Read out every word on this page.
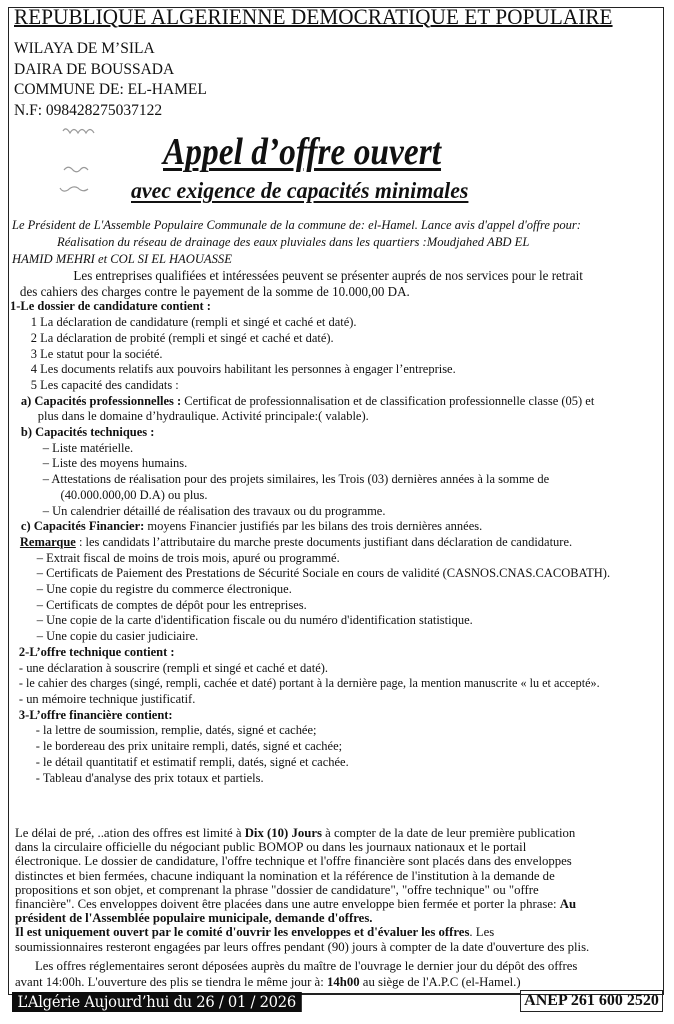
REPUBLIQUE ALGERIENNE DEMOCRATIQUE ET POPULAIRE
WILAYA DE M’SILA
DAIRA DE BOUSSADA
COMMUNE DE: EL-HAMEL
N.F: 098428275037122
Appel d’offre ouvert
avec exigence de capacités minimales
Le Président de L'Assemble Populaire Communale de la commune de: el-Hamel. Lance avis d'appel d'offre pour:
Réalisation du réseau de drainage des eaux pluviales dans les quartiers :Moudjahed ABD EL
HAMID MEHRI et COL SI EL HAOUASSE
Les entreprises qualifiées et intéressées peuvent se présenter auprés de nos services pour le retrait
des cahiers des charges contre le payement de la somme de 10.000,00 DA.
1-Le dossier de candidature contient :
1 La déclaration de candidature (rempli et singé et caché et daté).
2 La déclaration de probité (rempli et singé et caché et daté).
3 Le statut pour la société.
4 Les documents relatifs aux pouvoirs habilitant les personnes à engager l’entreprise.
5 Les capacité des candidats :
a) Capacités professionnelles : Certificat de professionnalisation et de classification professionnelle classe (05) et
plus dans le domaine d’hydraulique. Activité principale:( valable).
b) Capacités techniques :
– Liste matérielle.
– Liste des moyens humains.
– Attestations de réalisation pour des projets similaires, les Trois (03) dernières années à la somme de
(40.000.000,00 D.A) ou plus.
– Un calendrier détaillé de réalisation des travaux ou du programme.
c) Capacités Financier: moyens Financier justifiés par les bilans des trois dernières années.
Remarque : les candidats l’attributaire du marche preste documents justifiant dans déclaration de candidature.
– Extrait fiscal de moins de trois mois, apuré ou programmé.
– Certificats de Paiement des Prestations de Sécurité Sociale en cours de validité (CASNOS.CNAS.CACOBATH).
– Une copie du registre du commerce électronique.
– Certificats de comptes de dépôt pour les entreprises.
– Une copie de la carte d'identification fiscale ou du numéro d'identification statistique.
– Une copie du casier judiciaire.
2-L’offre technique contient :
- une déclaration à souscrire (rempli et singé et caché et daté).
- le cahier des charges (singé, rempli, cachée et daté) portant à la dernière page, la mention manuscrite « lu et accepté».
- un mémoire technique justificatif.
3-L’offre financière contient:
- la lettre de soumission, remplie, datés, signé et cachée;
- le bordereau des prix unitaire rempli, datés, signé et cachée;
- le détail quantitatif et estimatif rempli, datés, signé et cachée.
- Tableau d'analyse des prix totaux et partiels.
Le délai de pré, ..ation des offres est limité à Dix (10) Jours à compter de la date de leur première publication
dans la circulaire officielle du négociant public BOMOP ou dans les journaux nationaux et le portail
électronique. Le dossier de candidature, l'offre technique et l'offre financière sont placés dans des enveloppes
distinctes et bien fermées, chacune indiquant la nomination et la référence de l'institution à la demande de
propositions et son objet, et comprenant la phrase "dossier de candidature", "offre technique" ou "offre
financière". Ces enveloppes doivent être placées dans une autre enveloppe bien fermée et porter la phrase: Au
président de l'Assemblée populaire municipale, demande d'offres.
Il est uniquement ouvert par le comité d'ouvrir les enveloppes et d'évaluer les offres. Les
soumissionnaires resteront engagées par leurs offres pendant (90) jours à compter de la date d'ouverture des plis.
Les offres réglementaires seront déposées auprès du maître de l'ouvrage le dernier jour du dépôt des offres
avant 14:00h. L'ouverture des plis se tiendra le même jour à: 14h00 au siège de l'A.P.C (el-Hamel.)
L’Algérie Aujourd’hui du 26 / 01 / 2026	ANEP 261 600 2520
